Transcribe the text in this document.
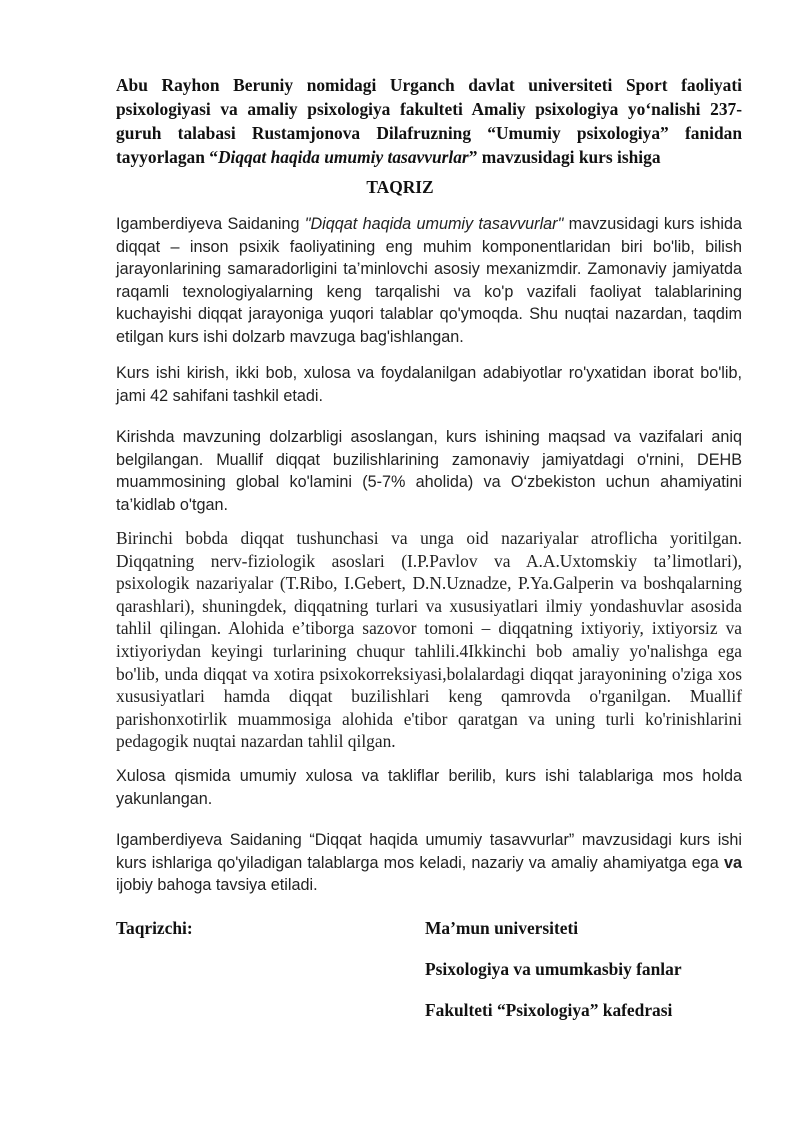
Abu Rayhon Beruniy nomidagi Urganch davlat universiteti Sport faoliyati psixologiyasi va amaliy psixologiya fakulteti Amaliy psixologiya yo‘nalishi 237-guruh talabasi Rustamjonova Dilafruzning “Umumiy psixologiya” fanidan tayyorlagan “Diqqat haqida umumiy tasavvurlar” mavzusidagi kurs ishiga
TAQRIZ
Igamberdiyeva Saidaning "Diqqat haqida umumiy tasavvurlar" mavzusidagi kurs ishida diqqat – inson psixik faoliyatining eng muhim komponentlaridan biri bo'lib, bilish jarayonlarining samaradorligini ta’minlovchi asosiy mexanizmdir. Zamonaviy jamiyatda raqamli texnologiyalarning keng tarqalishi va ko'p vazifali faoliyat talablarining kuchayishi diqqat jarayoniga yuqori talablar qo'ymoqda. Shu nuqtai nazardan, taqdim etilgan kurs ishi dolzarb mavzuga bag'ishlangan.
Kurs ishi kirish, ikki bob, xulosa va foydalanilgan adabiyotlar ro'yxatidan iborat bo'lib, jami 42 sahifani tashkil etadi.
Kirishda mavzuning dolzarbligi asoslangan, kurs ishining maqsad va vazifalari aniq belgilangan. Muallif diqqat buzilishlarining zamonaviy jamiyatdagi o'rnini, DEHB muammosining global ko'lamini (5-7% aholida) va O‘zbekiston uchun ahamiyatini ta’kidlab o'tgan.
Birinchi bobda diqqat tushunchasi va unga oid nazariyalar atroflicha yoritilgan. Diqqatning nerv-fiziologik asoslari (I.P.Pavlov va A.A.Uxtomskiy ta’limotlari), psixologik nazariyalar (T.Ribo, I.Gebert, D.N.Uznadze, P.Ya.Galperin va boshqalarning qarashlari), shuningdek, diqqatning turlari va xususiyatlari ilmiy yondashuvlar asosida tahlil qilingan. Alohida e’tiborga sazovor tomoni – diqqatning ixtiyoriy, ixtiyorsiz va ixtiyoriydan keyingi turlarining chuqur tahlili.4Ikkinchi bob amaliy yo'nalishga ega bo'lib, unda diqqat va xotira psixokorreksiyasi,bolalardagi diqqat jarayonining o'ziga xos xususiyatlari hamda diqqat buzilishlari keng qamrovda o'rganilgan. Muallif parishonxotirlik muammosiga alohida e'tibor qaratgan va uning turli ko'rinishlarini pedagogik nuqtai nazardan tahlil qilgan.
Xulosa qismida umumiy xulosa va takliflar berilib, kurs ishi talablariga mos holda yakunlangan.
Igamberdiyeva Saidaning “Diqqat haqida umumiy tasavvurlar” mavzusidagi kurs ishi kurs ishlariga qo'yiladigan talablarga mos keladi, nazariy va amaliy ahamiyatga ega va ijobiy bahoga tavsiya etiladi.
Taqrizchi:	Ma’mun universiteti
Psixologiya va umumkasbiy fanlar
Fakulteti “Psixologiya” kafedrasi
